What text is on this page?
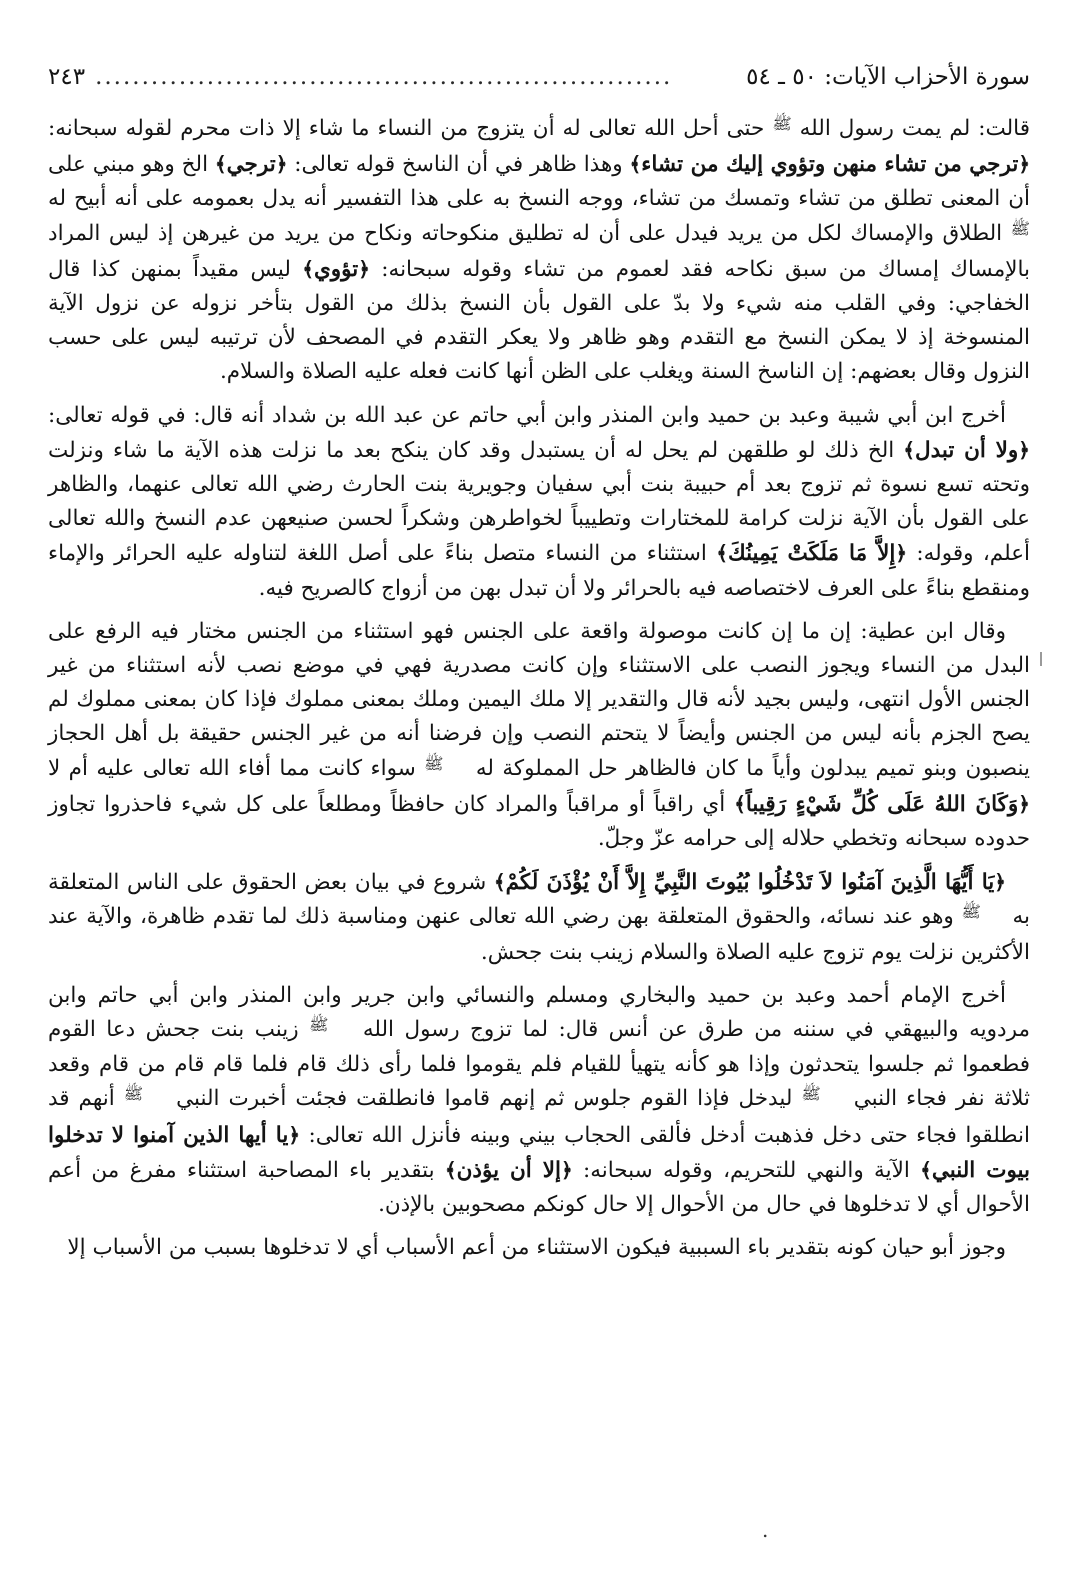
سورة الأحزاب الآيات: ٥٠ ـ ٥٤
..............................................................
٢٤٣

قالت: لم يمت رسول الله ﷺ حتى أحل الله تعالى له أن يتزوج من النساء ما شاء إلا ذات محرم لقوله سبحانه: ﴿ترجي من تشاء منهن وتؤوي إليك من تشاء﴾ وهذا ظاهر في أن الناسخ قوله تعالى: ﴿ترجي﴾ الخ وهو مبني على أن المعنى تطلق من تشاء وتمسك من تشاء، ووجه النسخ به على هذا التفسير أنه يدل بعمومه على أنه أبيح له ﷺ الطلاق والإمساك لكل من يريد فيدل على أن له تطليق منكوحاته ونكاح من يريد من غيرهن إذ ليس المراد بالإمساك إمساك من سبق نكاحه فقد لعموم من تشاء وقوله سبحانه: ﴿تؤوي﴾ ليس مقيداً بمنهن كذا قال الخفاجي: وفي القلب منه شيء ولا بدّ على القول بأن النسخ بذلك من القول بتأخر نزوله عن نزول الآية المنسوخة إذ لا يمكن النسخ مع التقدم وهو ظاهر ولا يعكر التقدم في المصحف لأن ترتيبه ليس على حسب النزول وقال بعضهم: إن الناسخ السنة ويغلب على الظن أنها كانت فعله عليه الصلاة والسلام.

أخرج ابن أبي شيبة وعبد بن حميد وابن المنذر وابن أبي حاتم عن عبد الله بن شداد أنه قال: في قوله تعالى: ﴿ولا أن تبدل﴾ الخ ذلك لو طلقهن لم يحل له أن يستبدل وقد كان ينكح بعد ما نزلت هذه الآية ما شاء ونزلت وتحته تسع نسوة ثم تزوج بعد أم حبيبة بنت أبي سفيان وجويرية بنت الحارث رضي الله تعالى عنهما، والظاهر على القول بأن الآية نزلت كرامة للمختارات وتطييباً لخواطرهن وشكراً لحسن صنيعهن عدم النسخ والله تعالى أعلم، وقوله: ﴿إِلاَّ مَا مَلَكَتْ يَمِينُكَ﴾ استثناء من النساء متصل بناءً على أصل اللغة لتناوله عليه الحرائر والإماء ومنقطع بناءً على العرف لاختصاصه فيه بالحرائر ولا أن تبدل بهن من أزواج كالصريح فيه.

وقال ابن عطية: إن ما إن كانت موصولة واقعة على الجنس فهو استثناء من الجنس مختار فيه الرفع على البدل من النساء ويجوز النصب على الاستثناء وإن كانت مصدرية فهي في موضع نصب لأنه استثناء من غير الجنس الأول انتهى، وليس بجيد لأنه قال والتقدير إلا ملك اليمين وملك بمعنى مملوك فإذا كان بمعنى مملوك لم يصح الجزم بأنه ليس من الجنس وأيضاً لا يتحتم النصب وإن فرضنا أنه من غير الجنس حقيقة بل أهل الحجاز ينصبون وبنو تميم يبدلون وأياً ما كان فالظاهر حل المملوكة له ﷺ سواء كانت مما أفاء الله تعالى عليه أم لا ﴿وَكَانَ اللهُ عَلَى كُلِّ شَيْءٍ رَقِيباً﴾ أي راقباً أو مراقباً والمراد كان حافظاً ومطلعاً على كل شيء فاحذروا تجاوز حدوده سبحانه وتخطي حلاله إلى حرامه عزّ وجلّ.

﴿يَا أَيُّهَا الَّذِينَ آمَنُوا لاَ تَدْخُلُوا بُيُوتَ النَّبِيِّ إِلاَّ أَنْ يُؤْذَنَ لَكُمْ﴾ شروع في بيان بعض الحقوق على الناس المتعلقة به ﷺ وهو عند نسائه، والحقوق المتعلقة بهن رضي الله تعالى عنهن ومناسبة ذلك لما تقدم ظاهرة، والآية عند الأكثرين نزلت يوم تزوج عليه الصلاة والسلام زينب بنت جحش.

أخرج الإمام أحمد وعبد بن حميد والبخاري ومسلم والنسائي وابن جرير وابن المنذر وابن أبي حاتم وابن مردويه والبيهقي في سننه من طرق عن أنس قال: لما تزوج رسول الله ﷺ زينب بنت جحش دعا القوم فطعموا ثم جلسوا يتحدثون وإذا هو كأنه يتهيأ للقيام فلم يقوموا فلما رأى ذلك قام فلما قام قام من قام وقعد ثلاثة نفر فجاء النبي ﷺ ليدخل فإذا القوم جلوس ثم إنهم قاموا فانطلقت فجئت أخبرت النبي ﷺ أنهم قد انطلقوا فجاء حتى دخل فذهبت أدخل فألقى الحجاب بيني وبينه فأنزل الله تعالى: ﴿يا أيها الذين آمنوا لا تدخلوا بيوت النبي﴾ الآية والنهي للتحريم، وقوله سبحانه: ﴿إلا أن يؤذن﴾ بتقدير باء المصاحبة استثناء مفرغ من أعم الأحوال أي لا تدخلوها في حال من الأحوال إلا حال كونكم مصحوبين بالإذن.

وجوز أبو حيان كونه بتقدير باء السببية فيكون الاستثناء من أعم الأسباب أي لا تدخلوها بسبب من الأسباب إلا

.
